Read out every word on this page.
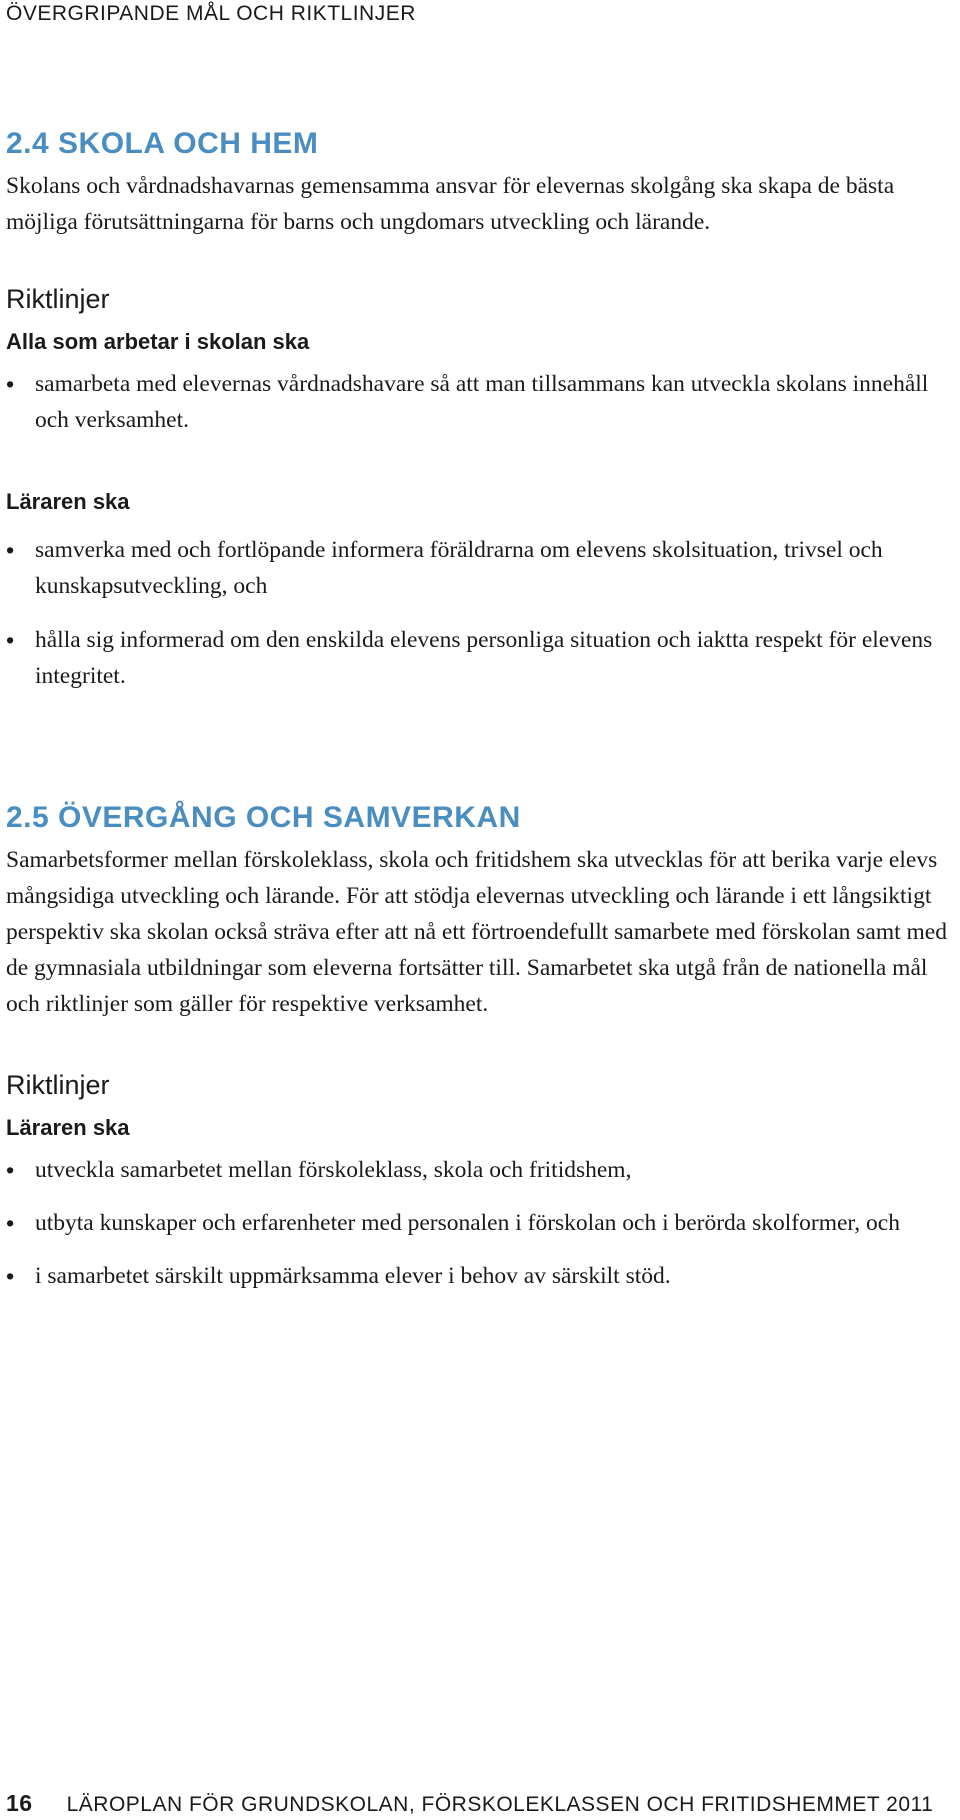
ÖVERGRIPANDE MÅL OCH RIKTLINJER
2.4 SKOLA OCH HEM

Skolans och vårdnadshavarnas gemensamma ansvar för elevernas skolgång ska skapa de bästa möjliga förutsättningarna för barns och ungdomars utveckling och lärande.

Riktlinjer

Alla som arbetar i skolan ska

• samarbeta med elevernas vårdnadshavare så att man tillsammans kan utveckla skolans innehåll och verksamhet.

Läraren ska

• samverka med och fortlöpande informera föräldrarna om elevens skolsituation, trivsel och kunskapsutveckling, och
• hålla sig informerad om den enskilda elevens personliga situation och iaktta respekt för elevens integritet.
2.5 ÖVERGÅNG OCH SAMVERKAN

Samarbetsformer mellan förskoleklass, skola och fritidshem ska utvecklas för att berika varje elevs mångsidiga utveckling och lärande. För att stödja elevernas utveckling och lärande i ett långsiktigt perspektiv ska skolan också sträva efter att nå ett förtroendefullt samarbete med förskolan samt med de gymnasiala utbildningar som eleverna fortsätter till. Samarbetet ska utgå från de nationella mål och riktlinjer som gäller för respektive verksamhet.

Riktlinjer

Läraren ska

• utveckla samarbetet mellan förskoleklass, skola och fritidshem,
• utbyta kunskaper och erfarenheter med personalen i förskolan och i berörda skolformer, och
• i samarbetet särskilt uppmärksamma elever i behov av särskilt stöd.
16 LÄROPLAN FÖR GRUNDSKOLAN, FÖRSKOLEKLASSEN OCH FRITIDSHEMMET 2011
